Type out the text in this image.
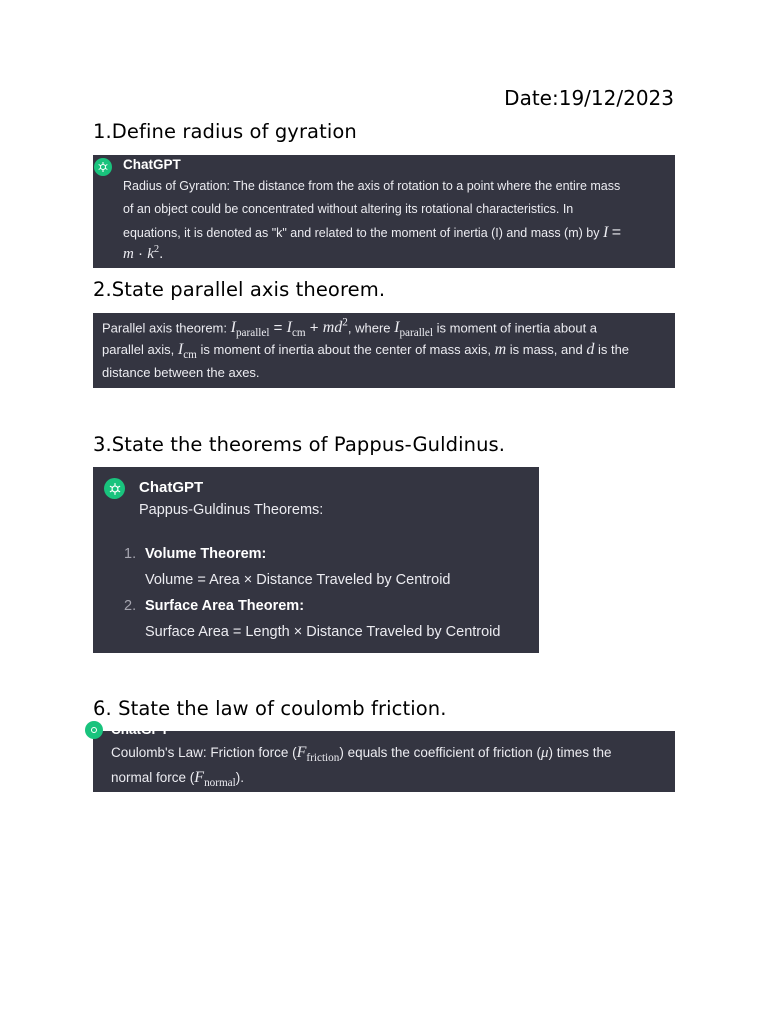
Date:19/12/2023
1.Define radius of gyration
ChatGPT
Radius of Gyration: The distance from the axis of rotation to a point where the entire mass
of an object could be concentrated without altering its rotational characteristics. In
equations, it is denoted as "k" and related to the moment of inertia (I) and mass (m) by I =
$m \cdot k^2$.
2.State parallel axis theorem.
Parallel axis theorem: $I_{parallel} = I_{cm} + md^2$, where $I_{parallel}$ is moment of inertia about a
parallel axis, $I_{cm}$ is moment of inertia about the center of mass axis, m is mass, and d is the
distance between the axes.
3.State the theorems of Pappus-Guldinus.
ChatGPT
Pappus-Guldinus Theorems:
1. Volume Theorem:
Volume = Area × Distance Traveled by Centroid
2. Surface Area Theorem:
Surface Area = Length × Distance Traveled by Centroid
6. State the law of coulomb friction.
ChatGPT
Coulomb's Law: Friction force $(F_{friction})$ equals the coefficient of friction (μ) times the
normal force $(F_{normal})$.
